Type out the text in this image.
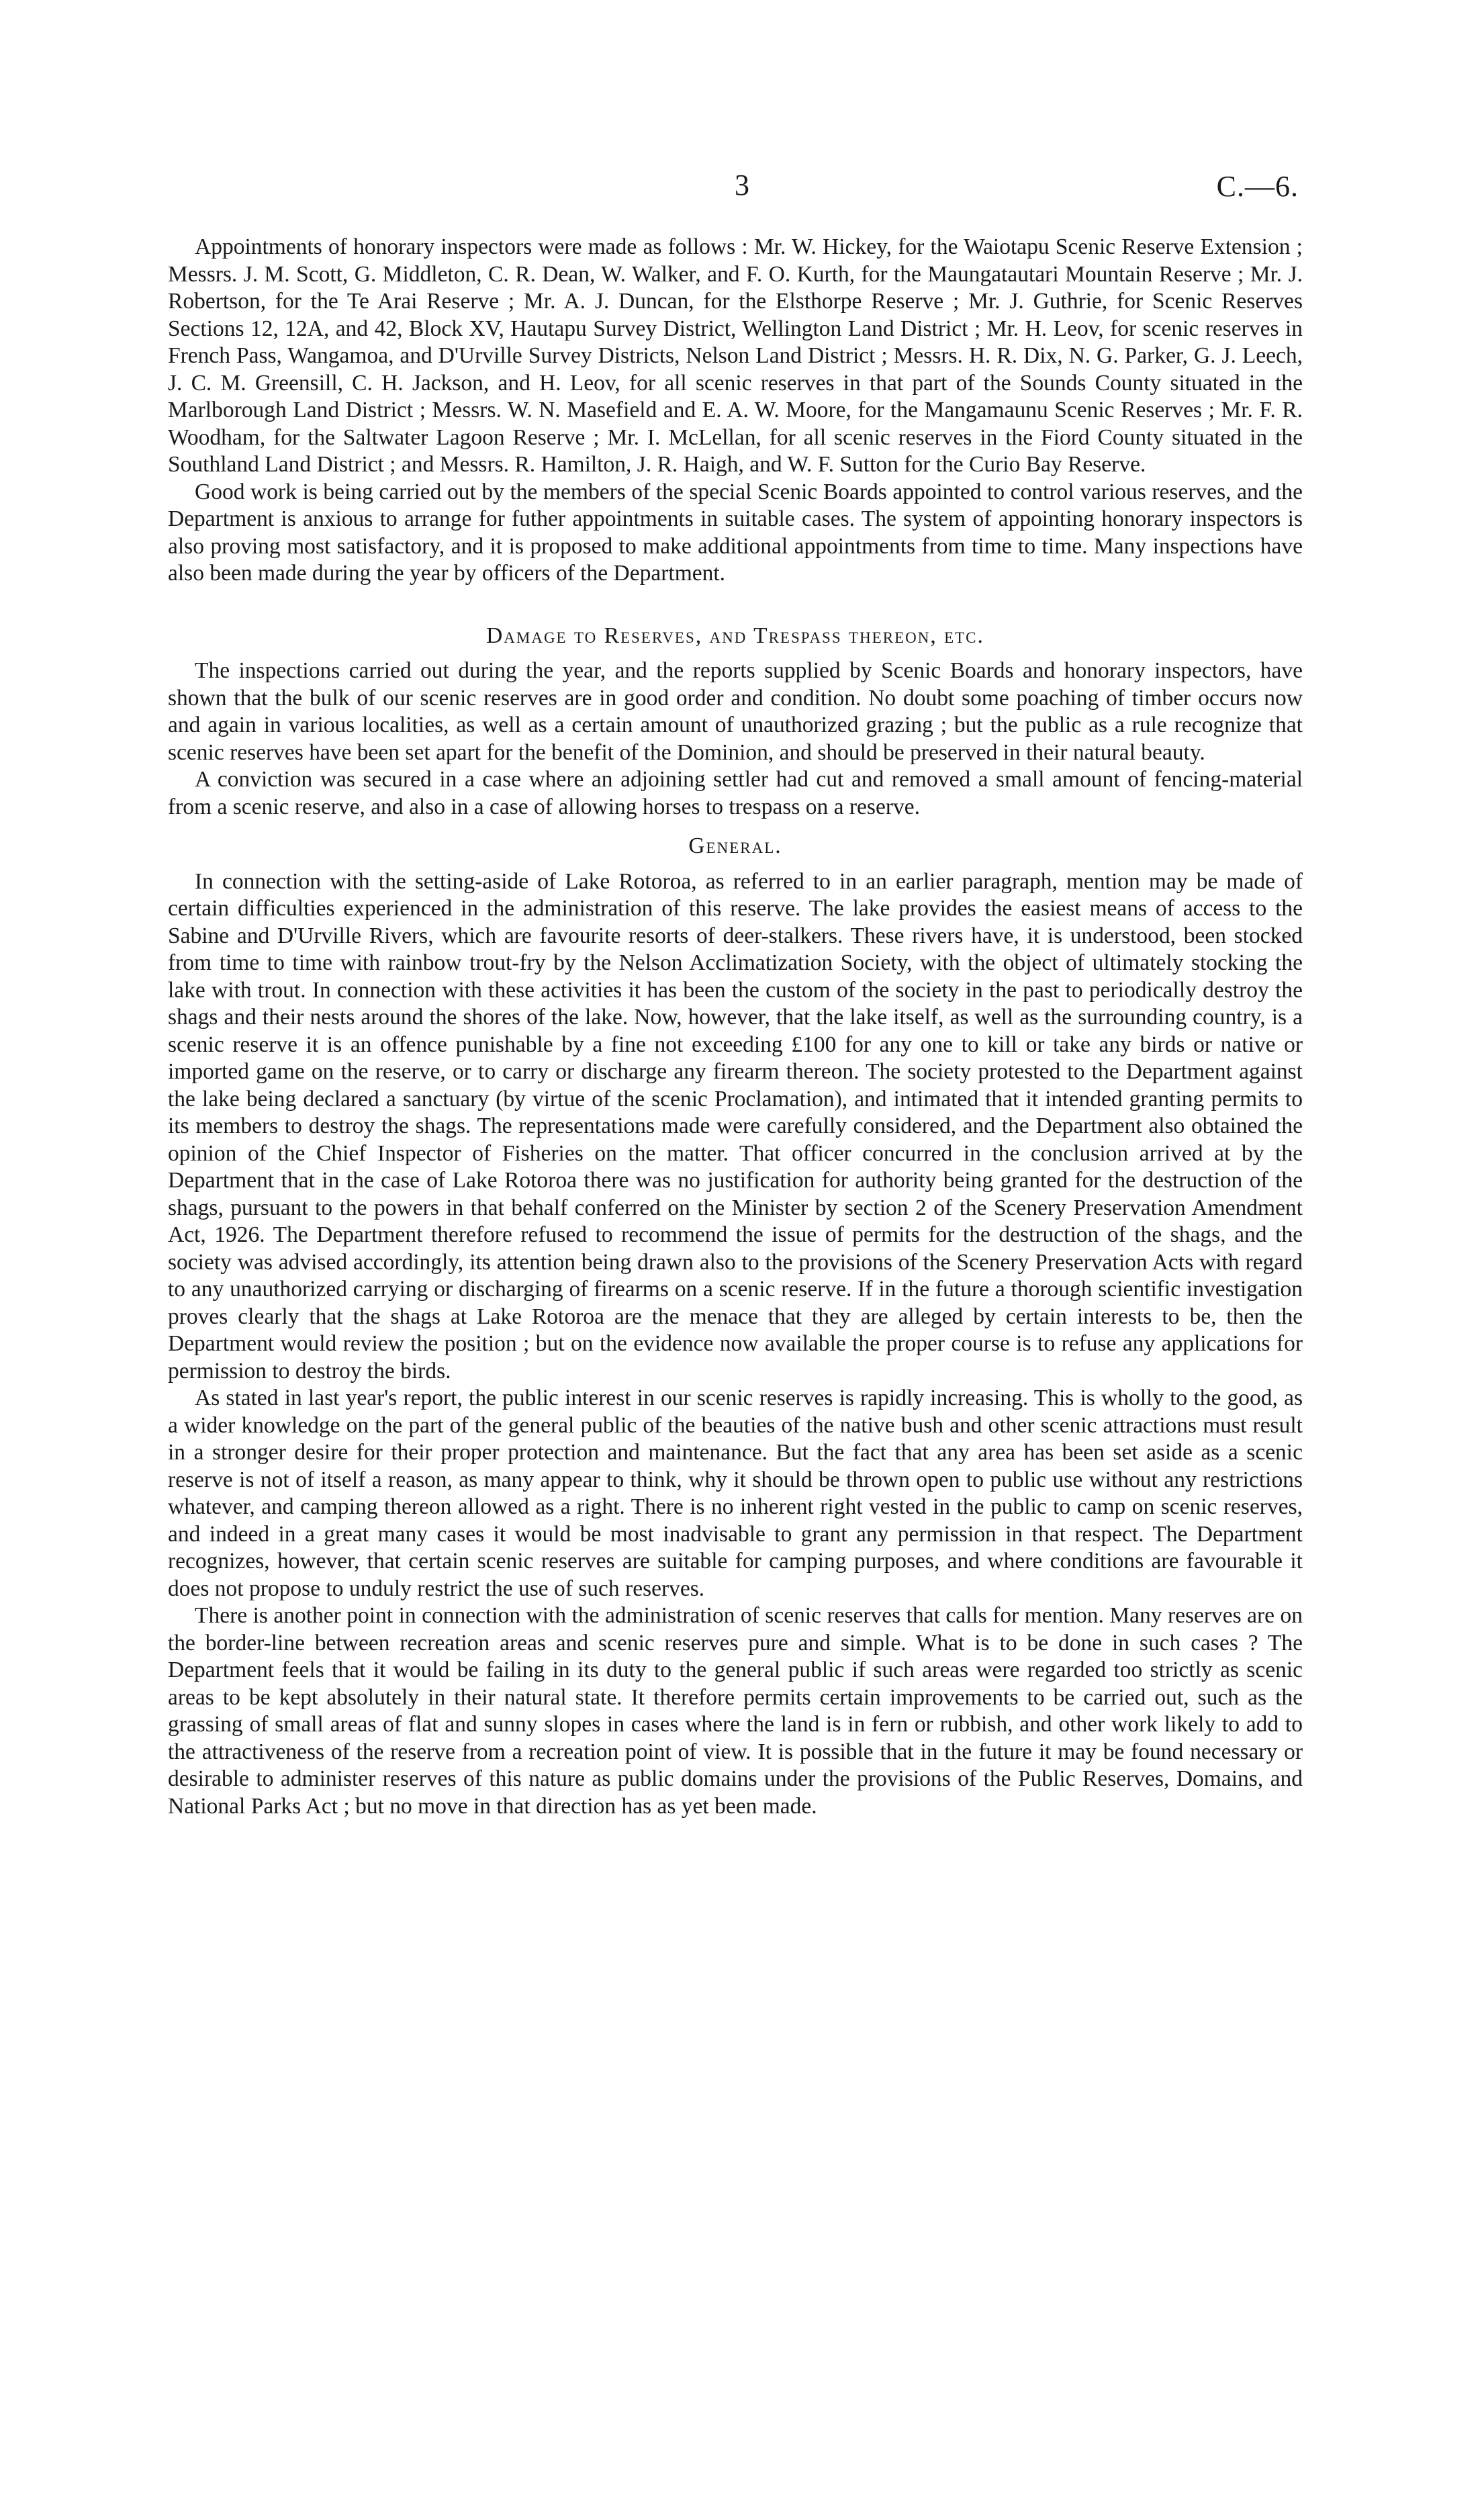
3	C.—6.

Appointments of honorary inspectors were made as follows : Mr. W. Hickey, for the Waiotapu Scenic Reserve Extension ; Messrs. J. M. Scott, G. Middleton, C. R. Dean, W. Walker, and F. O. Kurth, for the Maungatautari Mountain Reserve ; Mr. J. Robertson, for the Te Arai Reserve ; Mr. A. J. Duncan, for the Elsthorpe Reserve ; Mr. J. Guthrie, for Scenic Reserves Sections 12, 12A, and 42, Block XV, Hautapu Survey District, Wellington Land District ; Mr. H. Leov, for scenic reserves in French Pass, Wangamoa, and D'Urville Survey Districts, Nelson Land District ; Messrs. H. R. Dix, N. G. Parker, G. J. Leech, J. C. M. Greensill, C. H. Jackson, and H. Leov, for all scenic reserves in that part of the Sounds County situated in the Marlborough Land District ; Messrs. W. N. Masefield and E. A. W. Moore, for the Mangamaunu Scenic Reserves ; Mr. F. R. Woodham, for the Saltwater Lagoon Reserve ; Mr. I. McLellan, for all scenic reserves in the Fiord County situated in the Southland Land District ; and Messrs. R. Hamilton, J. R. Haigh, and W. F. Sutton for the Curio Bay Reserve.

Good work is being carried out by the members of the special Scenic Boards appointed to control various reserves, and the Department is anxious to arrange for futher appointments in suitable cases. The system of appointing honorary inspectors is also proving most satisfactory, and it is proposed to make additional appointments from time to time. Many inspections have also been made during the year by officers of the Department.

Damage to Reserves, and Trespass thereon, etc.

The inspections carried out during the year, and the reports supplied by Scenic Boards and honorary inspectors, have shown that the bulk of our scenic reserves are in good order and condition. No doubt some poaching of timber occurs now and again in various localities, as well as a certain amount of unauthorized grazing ; but the public as a rule recognize that scenic reserves have been set apart for the benefit of the Dominion, and should be preserved in their natural beauty.

A conviction was secured in a case where an adjoining settler had cut and removed a small amount of fencing-material from a scenic reserve, and also in a case of allowing horses to trespass on a reserve.

General.

In connection with the setting-aside of Lake Rotoroa, as referred to in an earlier paragraph, mention may be made of certain difficulties experienced in the administration of this reserve. The lake provides the easiest means of access to the Sabine and D'Urville Rivers, which are favourite resorts of deer-stalkers. These rivers have, it is understood, been stocked from time to time with rainbow trout-fry by the Nelson Acclimatization Society, with the object of ultimately stocking the lake with trout. In connection with these activities it has been the custom of the society in the past to periodically destroy the shags and their nests around the shores of the lake. Now, however, that the lake itself, as well as the surrounding country, is a scenic reserve it is an offence punishable by a fine not exceeding £100 for any one to kill or take any birds or native or imported game on the reserve, or to carry or discharge any firearm thereon. The society protested to the Department against the lake being declared a sanctuary (by virtue of the scenic Proclamation), and intimated that it intended granting permits to its members to destroy the shags. The representations made were carefully considered, and the Department also obtained the opinion of the Chief Inspector of Fisheries on the matter. That officer concurred in the conclusion arrived at by the Department that in the case of Lake Rotoroa there was no justification for authority being granted for the destruction of the shags, pursuant to the powers in that behalf conferred on the Minister by section 2 of the Scenery Preservation Amendment Act, 1926. The Department therefore refused to recommend the issue of permits for the destruction of the shags, and the society was advised accordingly, its attention being drawn also to the provisions of the Scenery Preservation Acts with regard to any unauthorized carrying or discharging of firearms on a scenic reserve. If in the future a thorough scientific investigation proves clearly that the shags at Lake Rotoroa are the menace that they are alleged by certain interests to be, then the Department would review the position ; but on the evidence now available the proper course is to refuse any applications for permission to destroy the birds.

As stated in last year's report, the public interest in our scenic reserves is rapidly increasing. This is wholly to the good, as a wider knowledge on the part of the general public of the beauties of the native bush and other scenic attractions must result in a stronger desire for their proper protection and maintenance. But the fact that any area has been set aside as a scenic reserve is not of itself a reason, as many appear to think, why it should be thrown open to public use without any restrictions whatever, and camping thereon allowed as a right. There is no inherent right vested in the public to camp on scenic reserves, and indeed in a great many cases it would be most inadvisable to grant any permission in that respect. The Department recognizes, however, that certain scenic reserves are suitable for camping purposes, and where conditions are favourable it does not propose to unduly restrict the use of such reserves.

There is another point in connection with the administration of scenic reserves that calls for mention. Many reserves are on the border-line between recreation areas and scenic reserves pure and simple. What is to be done in such cases ? The Department feels that it would be failing in its duty to the general public if such areas were regarded too strictly as scenic areas to be kept absolutely in their natural state. It therefore permits certain improvements to be carried out, such as the grassing of small areas of flat and sunny slopes in cases where the land is in fern or rubbish, and other work likely to add to the attractiveness of the reserve from a recreation point of view. It is possible that in the future it may be found necessary or desirable to administer reserves of this nature as public domains under the provisions of the Public Reserves, Domains, and National Parks Act ; but no move in that direction has as yet been made.
